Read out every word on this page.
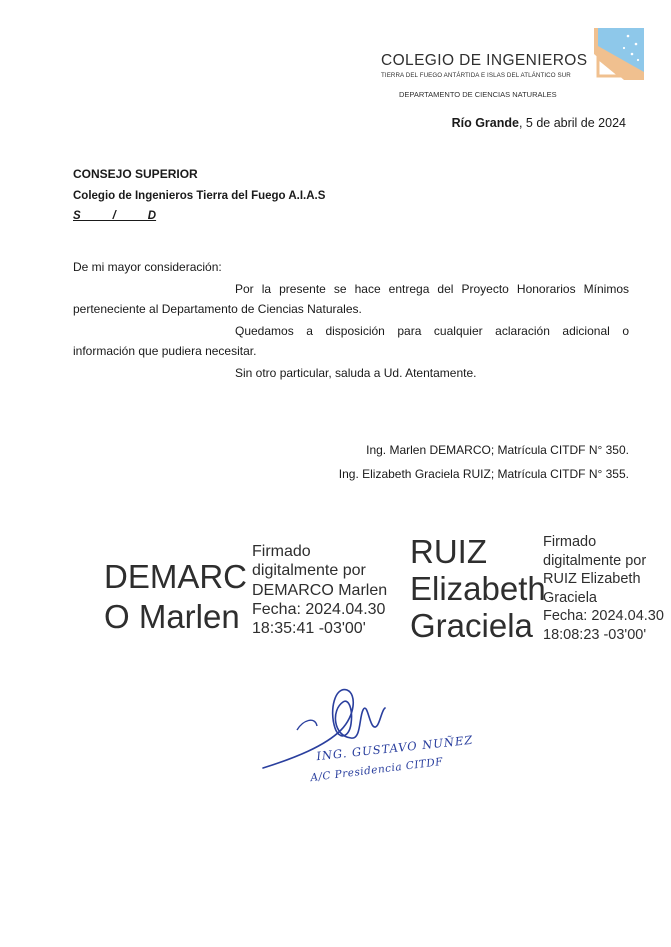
COLEGIO DE INGENIEROS
TIERRA DEL FUEGO ANTÁRTIDA E ISLAS DEL ATLÁNTICO SUR
DEPARTAMENTO DE CIENCIAS NATURALES
Río Grande, 5 de abril de 2024
CONSEJO SUPERIOR
Colegio de Ingenieros Tierra del Fuego A.I.A.S
S          /          D
De mi mayor consideración:
Por la presente se hace entrega del Proyecto Honorarios Mínimos perteneciente al Departamento de Ciencias Naturales.
Quedamos a disposición para cualquier aclaración adicional o información que pudiera necesitar.
Sin otro particular, saluda a Ud. Atentamente.
Ing. Marlen DEMARCO; Matrícula CITDF N° 350.
Ing. Elizabeth Graciela RUIZ; Matrícula CITDF N° 355.
DEMARC
O Marlen
Firmado
digitalmente por
DEMARCO Marlen
Fecha: 2024.04.30
18:35:41 -03'00'
RUIZ
Elizabeth
Graciela
Firmado
digitalmente por
RUIZ Elizabeth
Graciela
Fecha: 2024.04.30
18:08:23 -03'00'
ING. GUSTAVO NUÑEZ
A/C Presidencia CITDF
